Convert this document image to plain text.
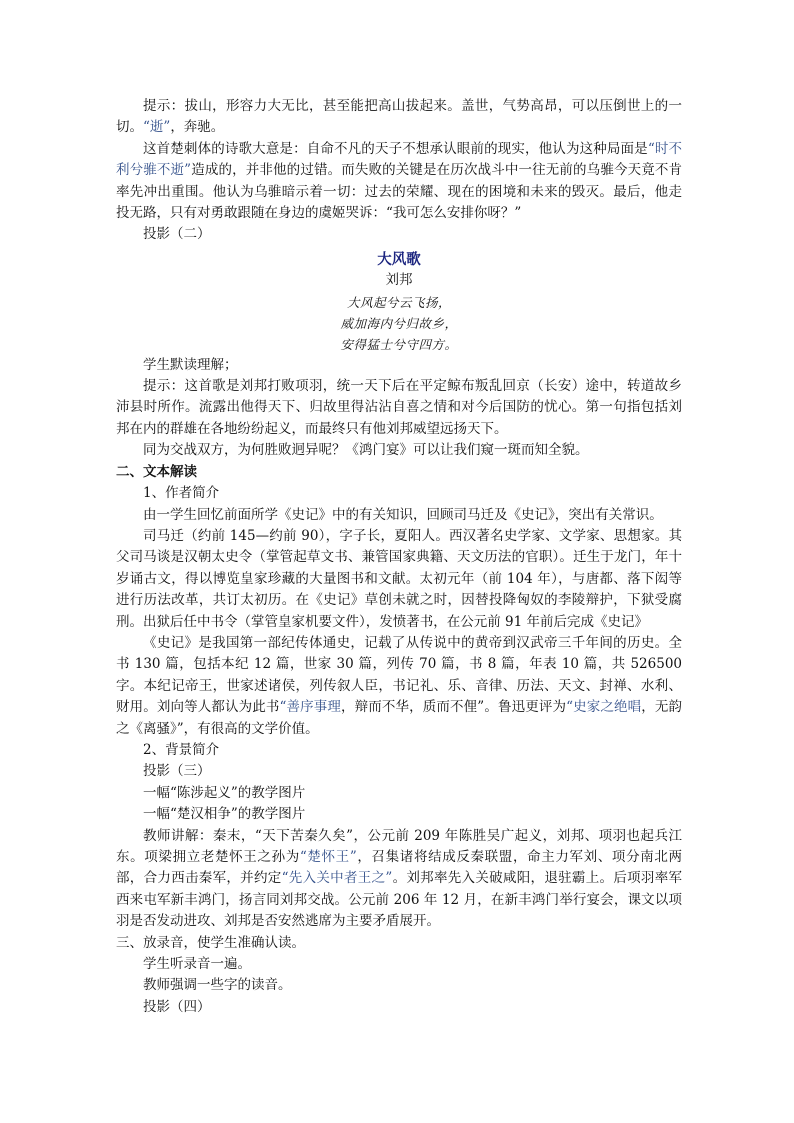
提示：拔山，形容力大无比，甚至能把高山拔起来。盖世，气势高昂，可以压倒世上的一切。“逝”，奔驰。

这首楚刺体的诗歌大意是：自命不凡的天子不想承认眼前的现实，他认为这种局面是“时不利兮骓不逝”造成的，并非他的过错。而失败的关键是在历次战斗中一往无前的乌骓今天竟不肯率先冲出重围。他认为乌骓暗示着一切：过去的荣耀、现在的困境和未来的毁灭。最后，他走投无路，只有对勇敢跟随在身边的虞姬哭诉：“我可怎么安排你呀？”

投影（二）

大风歌

刘邦

大风起兮云飞扬，

威加海内兮归故乡，

安得猛士兮守四方。

学生默读理解；

提示：这首歌是刘邦打败项羽，统一天下后在平定鲸布叛乱回京（长安）途中，转道故乡沛县时所作。流露出他得天下、归故里得沾沾自喜之情和对今后国防的忧心。第一句指包括刘邦在内的群雄在各地纷纷起义，而最终只有他刘邦威望远扬天下。

同为交战双方，为何胜败迥异呢？《鸿门宴》可以让我们窥一斑而知全貌。

二、文本解读

1、作者简介

由一学生回忆前面所学《史记》中的有关知识，回顾司马迁及《史记》，突出有关常识。

司马迁（约前 145—约前 90），字子长，夏阳人。西汉著名史学家、文学家、思想家。其父司马谈是汉朝太史令（掌管起草文书、兼管国家典籍、天文历法的官职）。迁生于龙门，年十岁诵古文，得以博览皇家珍藏的大量图书和文献。太初元年（前 104 年），与唐都、落下闳等进行历法改革，共订太初历。在《史记》草创未就之时，因替投降匈奴的李陵辩护，下狱受腐刑。出狱后任中书令（掌管皇家机要文件），发愤著书，在公元前 91 年前后完成《史记》

《史记》是我国第一部纪传体通史，记载了从传说中的黄帝到汉武帝三千年间的历史。全书 130 篇，包括本纪 12 篇，世家 30 篇，列传 70 篇，书 8 篇，年表 10 篇，共 526500 字。本纪记帝王，世家述诸侯，列传叙人臣，书记礼、乐、音律、历法、天文、封禅、水利、财用。刘向等人都认为此书“善序事理，辩而不华，质而不俚”。鲁迅更评为“史家之绝唱，无韵之《离骚》”，有很高的文学价值。

2、背景简介

投影（三）

一幅“陈涉起义”的教学图片

一幅“楚汉相争”的教学图片

教师讲解：秦末，“天下苦秦久矣”，公元前 209 年陈胜吴广起义，刘邦、项羽也起兵江东。项梁拥立老楚怀王之孙为“楚怀王”，召集诸将结成反秦联盟，命主力军刘、项分南北两部，合力西击秦军，并约定“先入关中者王之”。刘邦率先入关破咸阳，退驻霸上。后项羽率军西来屯军新丰鸿门，扬言同刘邦交战。公元前 206 年 12 月，在新丰鸿门举行宴会，课文以项羽是否发动进攻、刘邦是否安然逃席为主要矛盾展开。

三、放录音，使学生准确认读。

学生听录音一遍。

教师强调一些字的读音。

投影（四）
